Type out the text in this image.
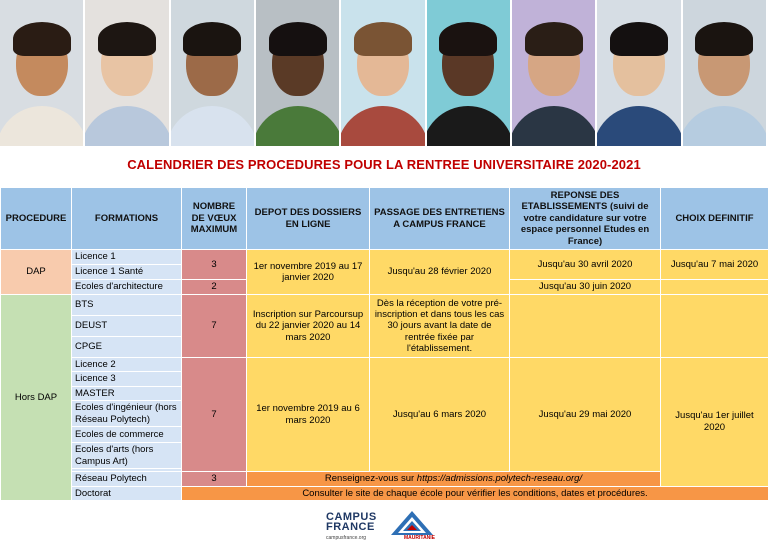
CALENDRIER DES PROCEDURES POUR LA RENTREE UNIVERSITAIRE 2020-2021
PROCEDURE	FORMATIONS	NOMBRE DE VŒUX MAXIMUM	DEPOT DES DOSSIERS EN LIGNE	PASSAGE DES ENTRETIENS A CAMPUS FRANCE	REPONSE DES ETABLISSEMENTS (suivi de votre candidature sur votre espace personnel Etudes en France)	CHOIX DEFINITIF
DAP	Licence 1	3	1er novembre 2019 au 17 janvier 2020	Jusqu'au 28 février 2020	Jusqu'au 30 avril 2020	Jusqu'au 7 mai 2020
	Licence 1 Santé					
	Ecoles d'architecture	2			Jusqu'au 30 juin 2020	
Hors DAP	BTS	7	Inscription sur Parcoursup du 22 janvier 2020 au 14 mars 2020	Dès la réception de votre pré-inscription et dans tous les cas 30 jours avant la date de rentrée fixée par l'établissement.		
	DEUST					
	CPGE					
	Licence 2	7	1er novembre 2019 au 6 mars 2020	Jusqu'au 6 mars 2020	Jusqu'au 29 mai 2020	Jusqu'au 1er juillet 2020
	Licence 3					
	MASTER					
	Ecoles d'ingénieur (hors Réseau Polytech)					
	Ecoles de commerce					
	Ecoles d'arts (hors Campus Art)					

	Réseau Polytech	3	Renseignez-vous sur https://admissions.polytech-reseau.org/			
	Doctorat	Consulter le site de chaque école pour vérifier les conditions, dates et procédures.				
CAMPUS
FRANCE
campusfrance.org	MAURITANIE
